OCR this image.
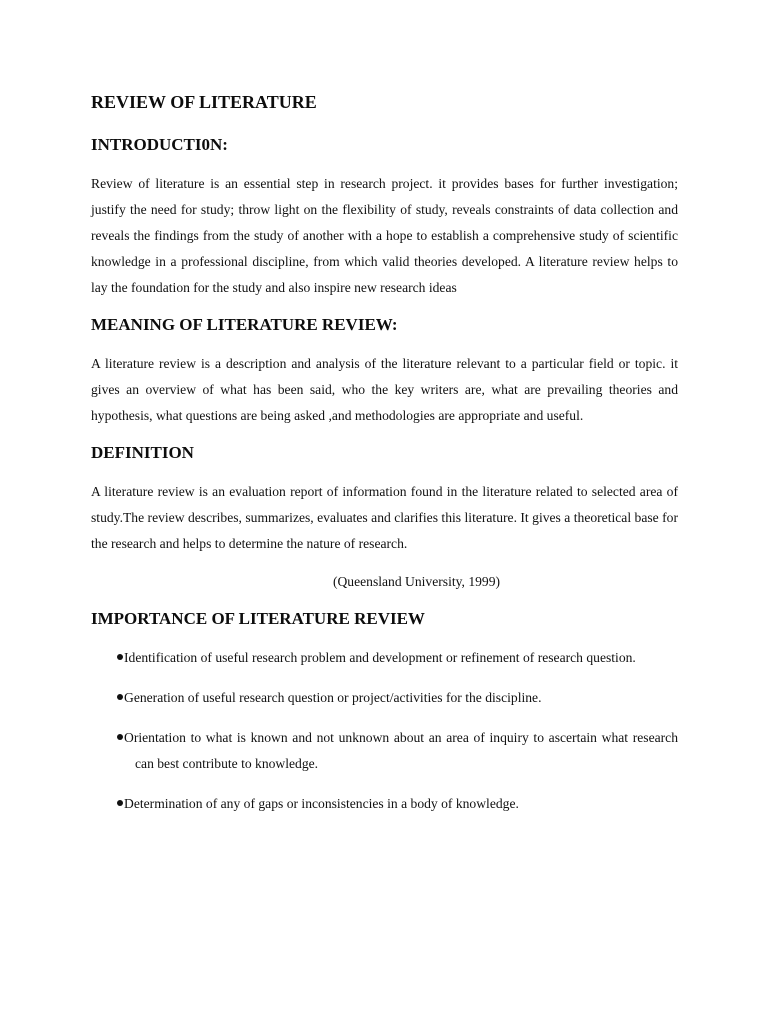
REVIEW OF LITERATURE
INTRODUCTI0N:

Review of literature is an essential step in research project. it provides bases for further investigation; justify the need for study; throw light on the flexibility of study, reveals constraints of data collection and reveals the findings from the study of another with a hope to establish a comprehensive study of scientific knowledge in a professional discipline, from which valid theories developed. A literature review helps to lay the foundation for the study and also inspire new research ideas

MEANING OF LITERATURE REVIEW:

A literature review is a description and analysis of the literature relevant to a particular field or topic. it gives an overview of what has been said, who the key writers are, what are prevailing theories and hypothesis, what questions are being asked ,and methodologies are appropriate and useful.

DEFINITION

A literature review is an evaluation report of information found in the literature related to selected area of study.The review describes, summarizes, evaluates and clarifies this literature. It gives a theoretical base for the research and helps to determine the nature of research.

(Queensland University, 1999)

IMPORTANCE OF LITERATURE REVIEW
Identification of useful research problem and development or refinement of research question.
Generation of useful research question or project/activities for the discipline.
Orientation to what is known and not unknown about an area of inquiry to ascertain what research can best contribute to knowledge.
Determination of any of gaps or inconsistencies in a body of knowledge.
